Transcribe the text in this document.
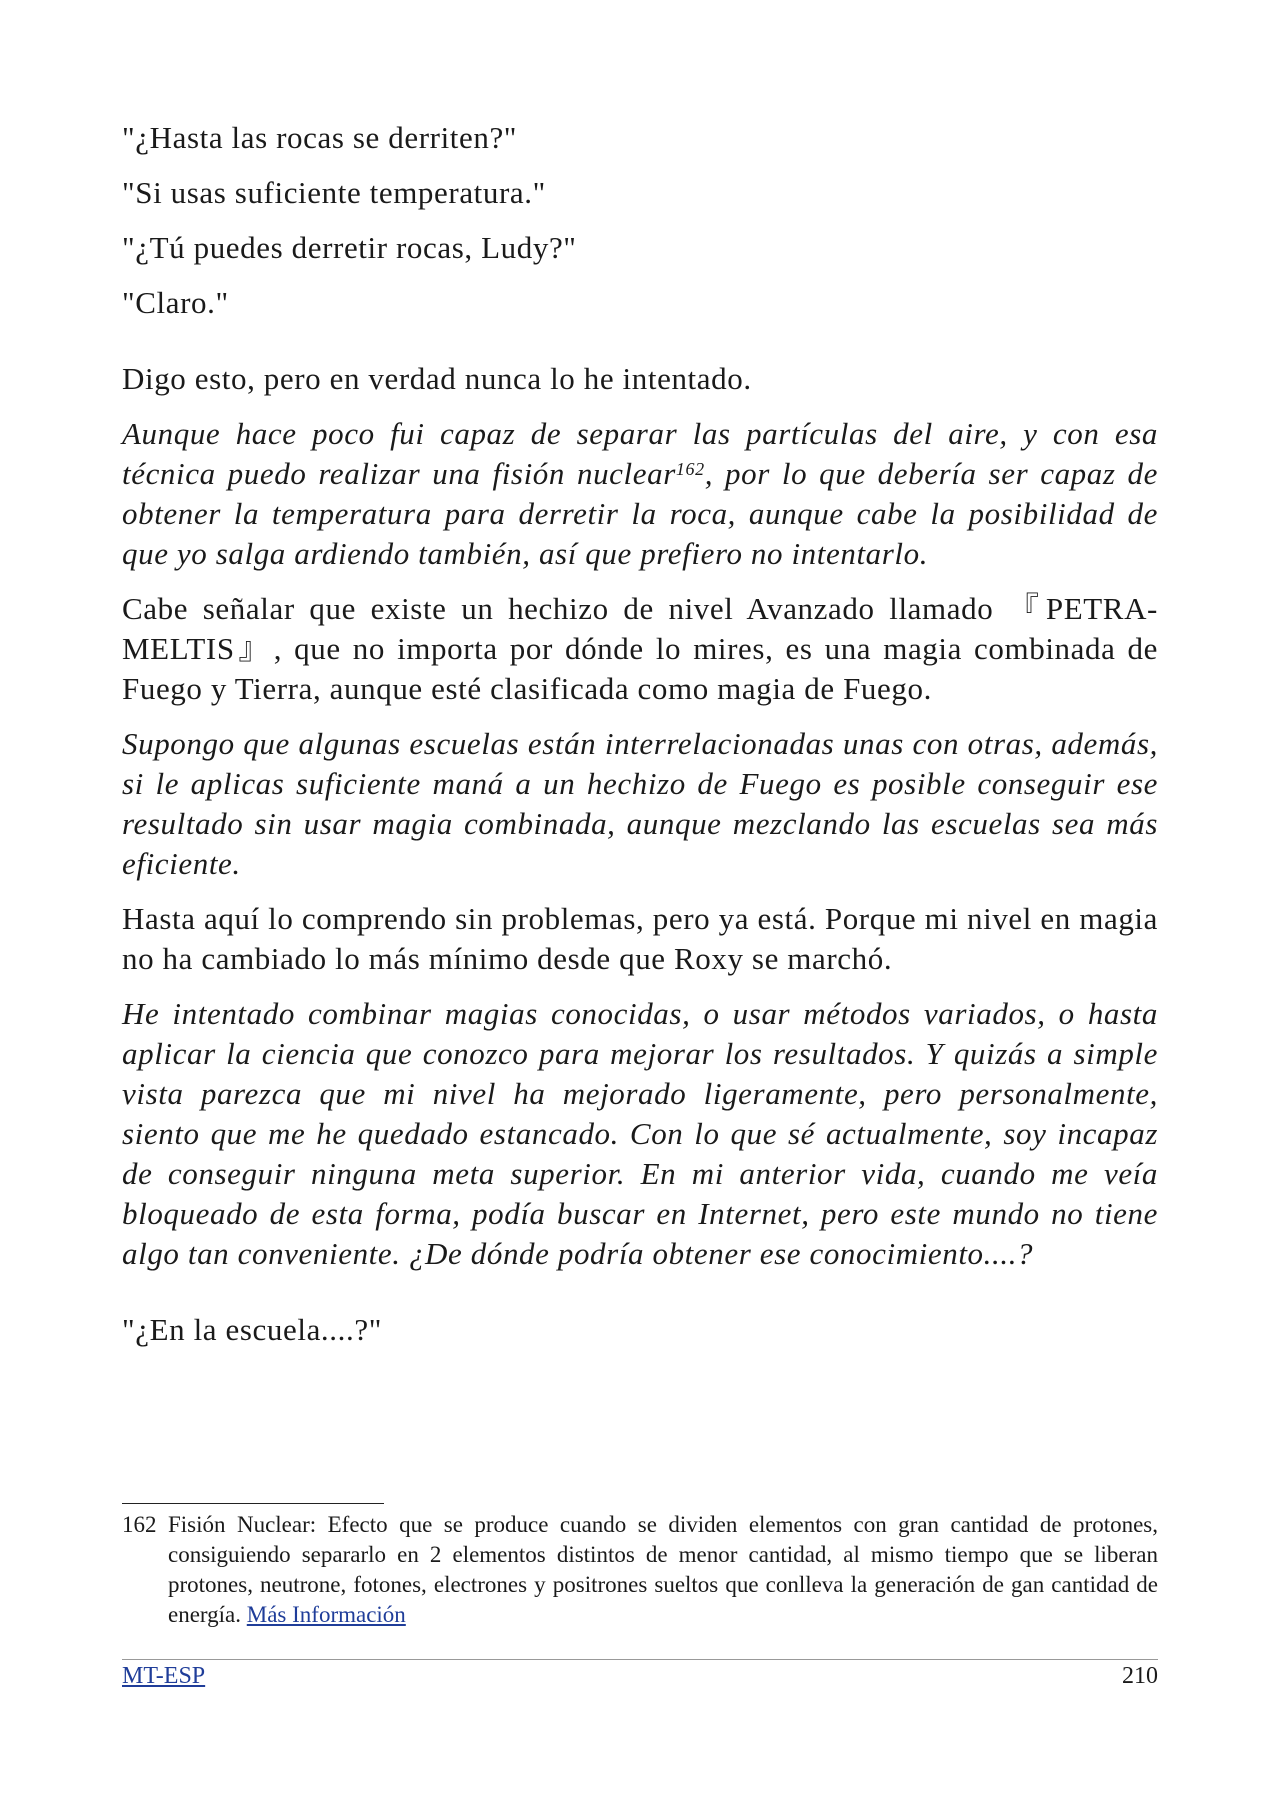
"¿Hasta las rocas se derriten?"

"Si usas suficiente temperatura."

"¿Tú puedes derretir rocas, Ludy?"

"Claro."

Digo esto, pero en verdad nunca lo he intentado.

Aunque hace poco fui capaz de separar las partículas del aire, y con esa técnica puedo realizar una fisión nuclear$^{162}$, por lo que debería ser capaz de obtener la temperatura para derretir la roca, aunque cabe la posibilidad de que yo salga ardiendo también, así que prefiero no intentarlo.

Cabe señalar que existe un hechizo de nivel Avanzado llamado 『PETRA-MELTIS』, que no importa por dónde lo mires, es una magia combinada de Fuego y Tierra, aunque esté clasificada como magia de Fuego.

Supongo que algunas escuelas están interrelacionadas unas con otras, además, si le aplicas suficiente maná a un hechizo de Fuego es posible conseguir ese resultado sin usar magia combinada, aunque mezclando las escuelas sea más eficiente.

Hasta aquí lo comprendo sin problemas, pero ya está. Porque mi nivel en magia no ha cambiado lo más mínimo desde que Roxy se marchó.

He intentado combinar magias conocidas, o usar métodos variados, o hasta aplicar la ciencia que conozco para mejorar los resultados. Y quizás a simple vista parezca que mi nivel ha mejorado ligeramente, pero personalmente, siento que me he quedado estancado. Con lo que sé actualmente, soy incapaz de conseguir ninguna meta superior. En mi anterior vida, cuando me veía bloqueado de esta forma, podía buscar en Internet, pero este mundo no tiene algo tan conveniente. ¿De dónde podría obtener ese conocimiento....?

"¿En la escuela....?"

162 Fisión Nuclear: Efecto que se produce cuando se dividen elementos con gran cantidad de protones, consiguiendo separarlo en 2 elementos distintos de menor cantidad, al mismo tiempo que se liberan protones, neutrone, fotones, electrones y positrones sueltos que conlleva la generación de gan cantidad de energía. Más Información
MT-ESP	210
